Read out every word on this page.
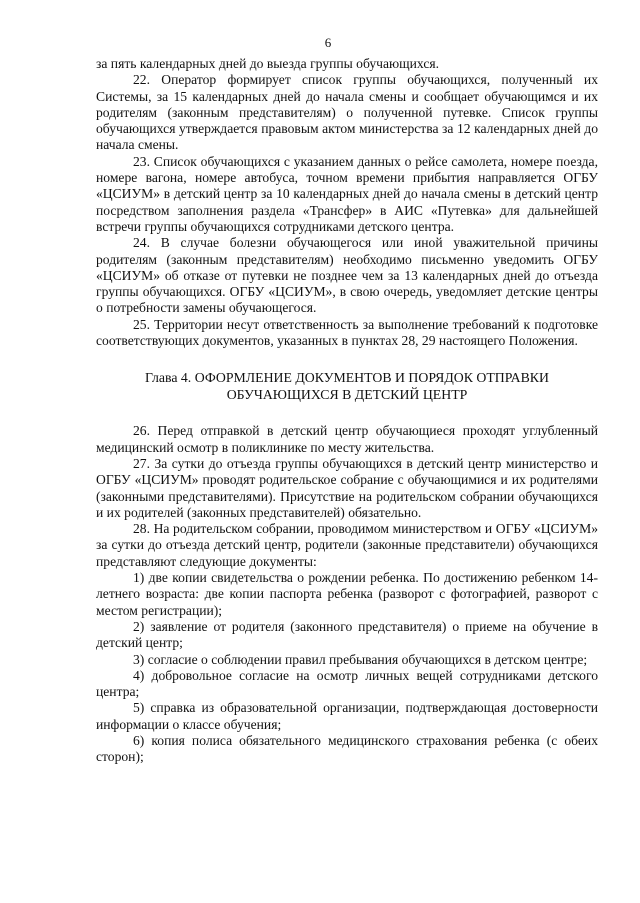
6

за пять календарных дней до выезда группы обучающихся.

22. Оператор формирует список группы обучающихся, полученный их Системы, за 15 календарных дней до начала смены и сообщает обучающимся и их родителям (законным представителям) о полученной путевке. Список группы обучающихся утверждается правовым актом министерства за 12 календарных дней до начала смены.

23. Список обучающихся с указанием данных о рейсе самолета, номере поезда, номере вагона, номере автобуса, точном времени прибытия направляется ОГБУ «ЦСИУМ» в детский центр за 10 календарных дней до начала смены в детский центр посредством заполнения раздела «Трансфер» в АИС «Путевка» для дальнейшей встречи группы обучающихся сотрудниками детского центра.

24. В случае болезни обучающегося или иной уважительной причины родителям (законным представителям) необходимо письменно уведомить ОГБУ «ЦСИУМ» об отказе от путевки не позднее чем за 13 календарных дней до отъезда группы обучающихся. ОГБУ «ЦСИУМ», в свою очередь, уведомляет детские центры о потребности замены обучающегося.

25. Территории несут ответственность за выполнение требований к подготовке соответствующих документов, указанных в пунктах 28, 29 настоящего Положения.

Глава 4. ОФОРМЛЕНИЕ ДОКУМЕНТОВ И ПОРЯДОК ОТПРАВКИ
ОБУЧАЮЩИХСЯ В ДЕТСКИЙ ЦЕНТР

26. Перед отправкой в детский центр обучающиеся проходят углубленный медицинский осмотр в поликлинике по месту жительства.

27. За сутки до отъезда группы обучающихся в детский центр министерство и ОГБУ «ЦСИУМ» проводят родительское собрание с обучающимися и их родителями (законными представителями). Присутствие на родительском собрании обучающихся и их родителей (законных представителей) обязательно.

28. На родительском собрании, проводимом министерством и ОГБУ «ЦСИУМ» за сутки до отъезда детский центр, родители (законные представители) обучающихся представляют следующие документы:

1) две копии свидетельства о рождении ребенка. По достижению ребенком 14-летнего возраста: две копии паспорта ребенка (разворот с фотографией, разворот с местом регистрации);

2) заявление от родителя (законного представителя) о приеме на обучение в детский центр;

3) согласие о соблюдении правил пребывания обучающихся в детском центре;

4) добровольное согласие на осмотр личных вещей сотрудниками детского центра;

5) справка из образовательной организации, подтверждающая достоверности информации о классе обучения;

6) копия полиса обязательного медицинского страхования ребенка (с обеих сторон);
